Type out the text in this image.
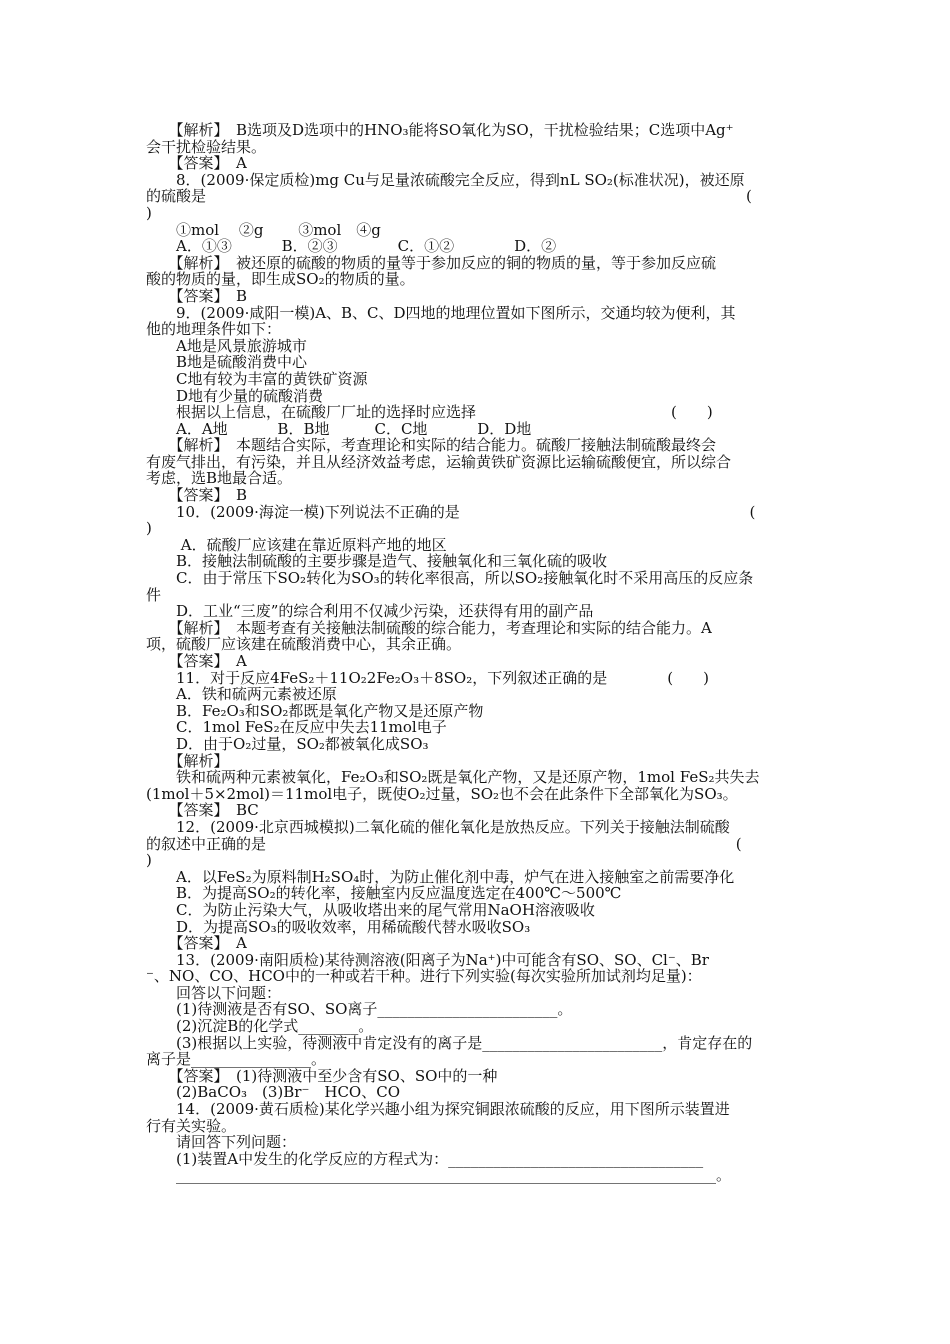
　　【解析】　B选项及D选项中的HNO₃能将SO氧化为SO，干扰检验结果；C选项中Ag⁺
会干扰检验结果。
　　【答案】　A
　　8．(2009·保定质检)mg Cu与足量浓硫酸完全反应，得到nL SO₂(标准状况)，被还原
的硫酸是　　　　　　　　　　　　　　　　　　　　　　　　　　　　　　　　　　　　(
)
　　①mol　 ②g　　 ③mol　④g
　　A．①③　　　 B．②③　　　　C．①②　　　　D．②
　　【解析】　被还原的硫酸的物质的量等于参加反应的铜的物质的量，等于参加反应硫
酸的物质的量，即生成SO₂的物质的量。
　　【答案】　B
　　9．(2009·咸阳一模)A、B、C、D四地的地理位置如下图所示，交通均较为便利，其
他的地理条件如下：
　　A地是风景旅游城市
　　B地是硫酸消费中心
　　C地有较为丰富的黄铁矿资源
　　D地有少量的硫酸消费
　　根据以上信息，在硫酸厂厂址的选择时应选择　　　　　　　　　　　　　(　　)
　　A．A地　　　 B．B地　　　C．C地　　　 D．D地
　　【解析】　本题结合实际，考查理论和实际的结合能力。硫酸厂接触法制硫酸最终会
有废气排出，有污染，并且从经济效益考虑，运输黄铁矿资源比运输硫酸便宜，所以综合
考虑，选B地最合适。
　　【答案】　B
　　10．(2009·海淀一模)下列说法不正确的是　　　　　　　　　　　　　　　　　　　 (
)
　　 A．硫酸厂应该建在靠近原料产地的地区
　　B．接触法制硫酸的主要步骤是造气、接触氧化和三氧化硫的吸收
　　C．由于常压下SO₂转化为SO₃的转化率很高，所以SO₂接触氧化时不采用高压的反应条
件
　　D．工业“三废”的综合利用不仅减少污染，还获得有用的副产品
　　【解析】　本题考查有关接触法制硫酸的综合能力，考查理论和实际的结合能力。A
项，硫酸厂应该建在硫酸消费中心，其余正确。
　　【答案】　A
　　11．对于反应4FeS₂＋11O₂2Fe₂O₃＋8SO₂，下列叙述正确的是　　　　(　　)
　　A．铁和硫两元素被还原
　　B．Fe₂O₃和SO₂都既是氧化产物又是还原产物
　　C．1mol FeS₂在反应中失去11mol电子
　　D．由于O₂过量，SO₂都被氧化成SO₃
　　【解析】
　　铁和硫两种元素被氧化，Fe₂O₃和SO₂既是氧化产物，又是还原产物，1mol FeS₂共失去
(1mol＋5×2mol)＝11mol电子，既使O₂过量，SO₂也不会在此条件下全部氧化为SO₃。
　　【答案】　BC
　　12．(2009·北京西城模拟)二氧化硫的催化氧化是放热反应。下列关于接触法制硫酸
的叙述中正确的是　　　　　　　　　　　　　　　　　　　　　　　　　　　　　　　 (
)
　　A．以FeS₂为原料制H₂SO₄时，为防止催化剂中毒，炉气在进入接触室之前需要净化
　　B．为提高SO₂的转化率，接触室内反应温度选定在400℃～500℃
　　C．为防止污染大气，从吸收塔出来的尾气常用NaOH溶液吸收
　　D．为提高SO₃的吸收效率，用稀硫酸代替水吸收SO₃
　　【答案】　A
　　13．(2009·南阳质检)某待测溶液(阳离子为Na⁺)中可能含有SO、SO、Cl⁻、Br
⁻、NO、CO、HCO中的一种或若干种。进行下列实验(每次实验所加试剂均足量)：
　　回答以下问题：
　　(1)待测液是否有SO、SO离子________________________。
　　(2)沉淀B的化学式________。
　　(3)根据以上实验，待测液中肯定没有的离子是________________________，肯定存在的
离子是________________。
　　【答案】　(1)待测液中至少含有SO、SO中的一种
　　(2)BaCO₃　(3)Br⁻　HCO、CO
　　14．(2009·黄石质检)某化学兴趣小组为探究铜跟浓硫酸的反应，用下图所示装置进
行有关实验。
　　请回答下列问题：
　　(1)装置A中发生的化学反应的方程式为：__________________________________
　　________________________________________________________________________。
